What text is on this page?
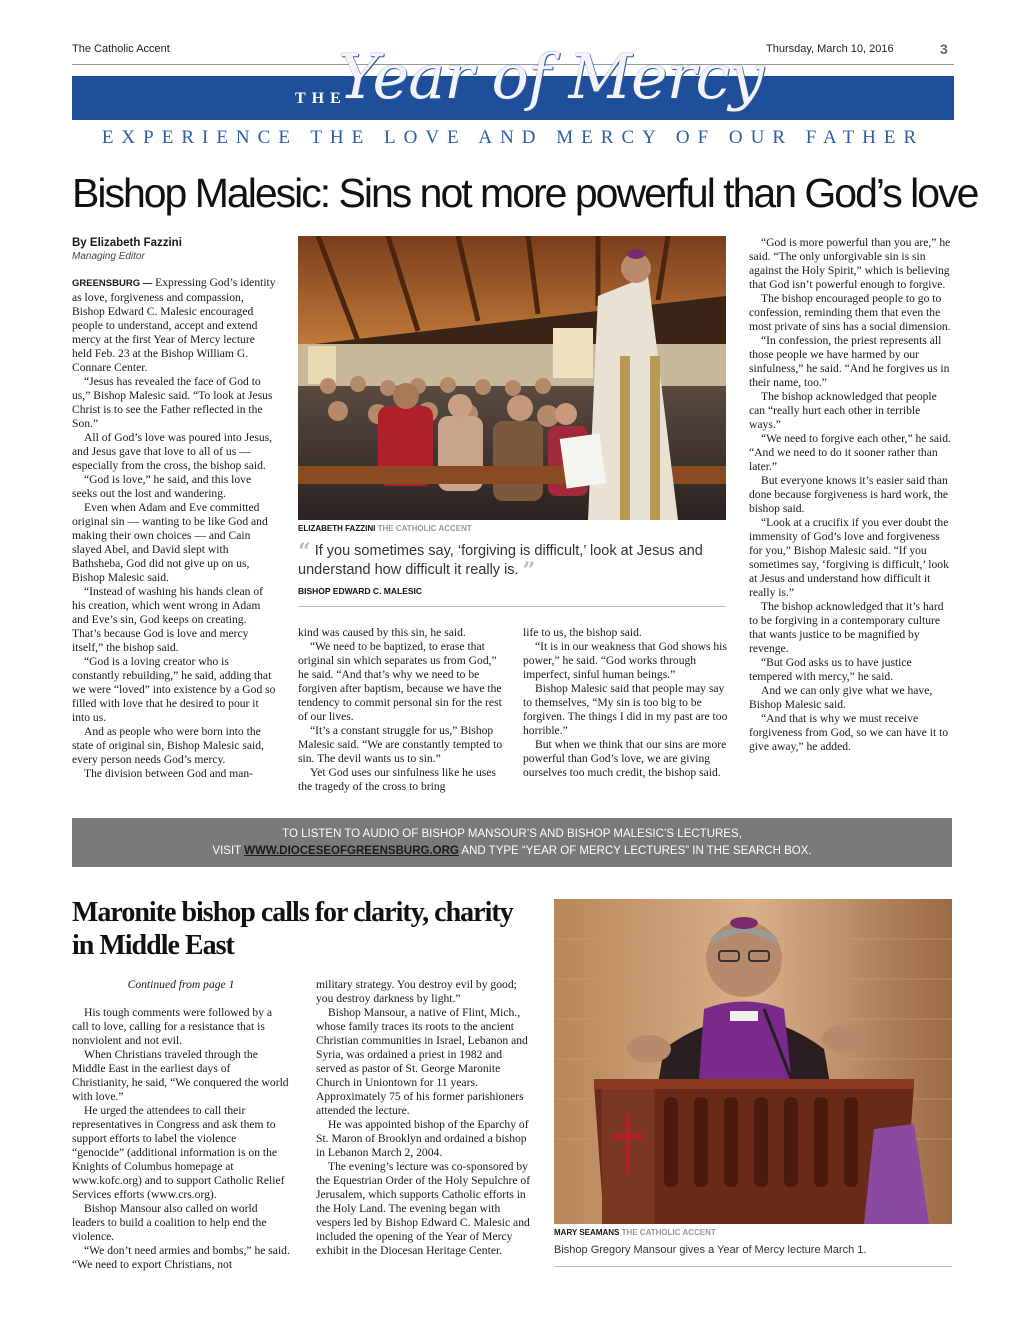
The Catholic Accent	Thursday, March 10, 2016	3
THE
Year of Mercy
EXPERIENCE THE LOVE AND MERCY OF OUR FATHER
Bishop Malesic: Sins not more powerful than God’s love
By Elizabeth Fazzini
Managing Editor

GREENSBURG — Expressing God’s identity as love, forgiveness and compassion, Bishop Edward C. Malesic encouraged people to understand, accept and extend mercy at the first Year of Mercy lecture held Feb. 23 at the Bishop William G. Connare Center.

“Jesus has revealed the face of God to us,” Bishop Malesic said. “To look at Jesus Christ is to see the Father reflected in the Son.”

All of God’s love was poured into Jesus, and Jesus gave that love to all of us — especially from the cross, the bishop said.

“God is love,” he said, and this love seeks out the lost and wandering.

Even when Adam and Eve committed original sin — wanting to be like God and making their own choices — and Cain slayed Abel, and David slept with Bathsheba, God did not give up on us, Bishop Malesic said.

“Instead of washing his hands clean of his creation, which went wrong in Adam and Eve’s sin, God keeps on creating. That’s because God is love and mercy itself,” the bishop said.

“God is a loving creator who is constantly rebuilding,” he said, adding that we were “loved” into existence by a God so filled with love that he desired to pour it into us.

And as people who were born into the state of original sin, Bishop Malesic said, every person needs God’s mercy.

The division between God and man-

ELIZABETH FAZZINI THE CATHOLIC ACCENT
“ If you sometimes say, ‘forgiving is difficult,’ look at Jesus and understand how difficult it really is. ”
BISHOP EDWARD C. MALESIC

kind was caused by this sin, he said.

“We need to be baptized, to erase that original sin which separates us from God,” he said. “And that’s why we need to be forgiven after baptism, because we have the tendency to commit personal sin for the rest of our lives.

“It’s a constant struggle for us,” Bishop Malesic said. “We are constantly tempted to sin. The devil wants us to sin.”

Yet God uses our sinfulness like he uses the tragedy of the cross to bring

life to us, the bishop said.

“It is in our weakness that God shows his power,” he said. “God works through imperfect, sinful human beings.”

Bishop Malesic said that people may say to themselves, “My sin is too big to be forgiven. The things I did in my past are too horrible.”

But when we think that our sins are more powerful than God’s love, we are giving ourselves too much credit, the bishop said.

“God is more powerful than you are,” he said. “The only unforgivable sin is sin against the Holy Spirit,” which is believing that God isn’t powerful enough to forgive.

The bishop encouraged people to go to confession, reminding them that even the most private of sins has a social dimension.

“In confession, the priest represents all those people we have harmed by our sinfulness,” he said. “And he forgives us in their name, too.”

The bishop acknowledged that people can “really hurt each other in terrible ways.”

“We need to forgive each other,” he said. “And we need to do it sooner rather than later.”

But everyone knows it’s easier said than done because forgiveness is hard work, the bishop said.

“Look at a crucifix if you ever doubt the immensity of God’s love and forgiveness for you,” Bishop Malesic said. “If you sometimes say, ‘forgiving is difficult,’ look at Jesus and understand how difficult it really is.”

The bishop acknowledged that it’s hard to be forgiving in a contemporary culture that wants justice to be magnified by revenge.

“But God asks us to have justice tempered with mercy,” he said.

And we can only give what we have, Bishop Malesic said.

“And that is why we must receive forgiveness from God, so we can have it to give away,” he added.

TO LISTEN TO AUDIO OF BISHOP MANSOUR’S AND BISHOP MALESIC’S LECTURES,
VISIT WWW.DIOCESEOFGREENSBURG.ORG AND TYPE “YEAR OF MERCY LECTURES” IN THE SEARCH BOX.
Maronite bishop calls for clarity, charity in Middle East

Continued from page 1

His tough comments were followed by a call to love, calling for a resistance that is nonviolent and not evil.

When Christians traveled through the Middle East in the earliest days of Christianity, he said, “We conquered the world with love.”

He urged the attendees to call their representatives in Congress and ask them to support efforts to label the violence “genocide” (additional information is on the Knights of Columbus homepage at www.kofc.org) and to support Catholic Relief Services efforts (www.crs.org).

Bishop Mansour also called on world leaders to build a coalition to help end the violence.

“We don’t need armies and bombs,” he said. “We need to export Christians, not

military strategy. You destroy evil by good; you destroy darkness by light.”

Bishop Mansour, a native of Flint, Mich., whose family traces its roots to the ancient Christian communities in Israel, Lebanon and Syria, was ordained a priest in 1982 and served as pastor of St. George Maronite Church in Uniontown for 11 years. Approximately 75 of his former parishioners attended the lecture.

He was appointed bishop of the Eparchy of St. Maron of Brooklyn and ordained a bishop in Lebanon March 2, 2004.

The evening’s lecture was co-sponsored by the Equestrian Order of the Holy Sepulchre of Jerusalem, which supports Catholic efforts in the Holy Land. The evening began with vespers led by Bishop Edward C. Malesic and included the opening of the Year of Mercy exhibit in the Diocesan Heritage Center.

MARY SEAMANS THE CATHOLIC ACCENT
Bishop Gregory Mansour gives a Year of Mercy lecture March 1.
